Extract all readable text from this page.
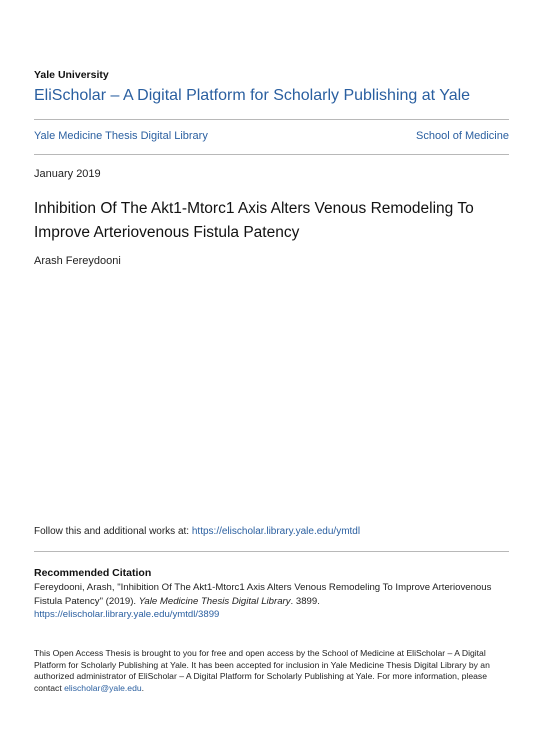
Yale University
EliScholar – A Digital Platform for Scholarly Publishing at Yale
Yale Medicine Thesis Digital Library	School of Medicine
January 2019
Inhibition Of The Akt1-Mtorc1 Axis Alters Venous Remodeling To Improve Arteriovenous Fistula Patency
Arash Fereydooni
Follow this and additional works at: https://elischolar.library.yale.edu/ymtdl
Recommended Citation
Fereydooni, Arash, "Inhibition Of The Akt1-Mtorc1 Axis Alters Venous Remodeling To Improve Arteriovenous Fistula Patency" (2019). Yale Medicine Thesis Digital Library. 3899.
https://elischolar.library.yale.edu/ymtdl/3899
This Open Access Thesis is brought to you for free and open access by the School of Medicine at EliScholar – A Digital Platform for Scholarly Publishing at Yale. It has been accepted for inclusion in Yale Medicine Thesis Digital Library by an authorized administrator of EliScholar – A Digital Platform for Scholarly Publishing at Yale. For more information, please contact elischolar@yale.edu.
